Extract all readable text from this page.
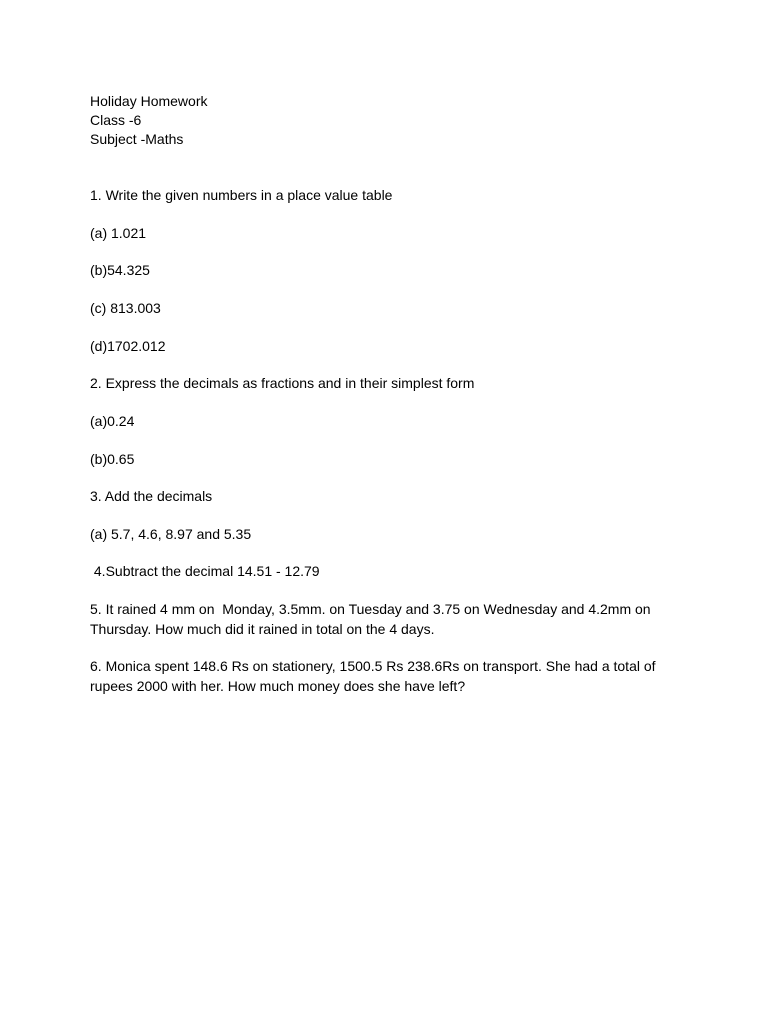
Holiday Homework
Class -6
Subject -Maths
1. Write the given numbers in a place value table
(a) 1.021
(b)54.325
(c) 813.003
(d)1702.012
2. Express the decimals as fractions and in their simplest form
(a)0.24
(b)0.65
3. Add the decimals
(a) 5.7, 4.6, 8.97 and 5.35
4.Subtract the decimal 14.51 - 12.79
5. It rained 4 mm on  Monday, 3.5mm. on Tuesday and 3.75 on Wednesday and 4.2mm on Thursday. How much did it rained in total on the 4 days.
6. Monica spent 148.6 Rs on stationery, 1500.5 Rs 238.6Rs on transport. She had a total of rupees 2000 with her. How much money does she have left?
